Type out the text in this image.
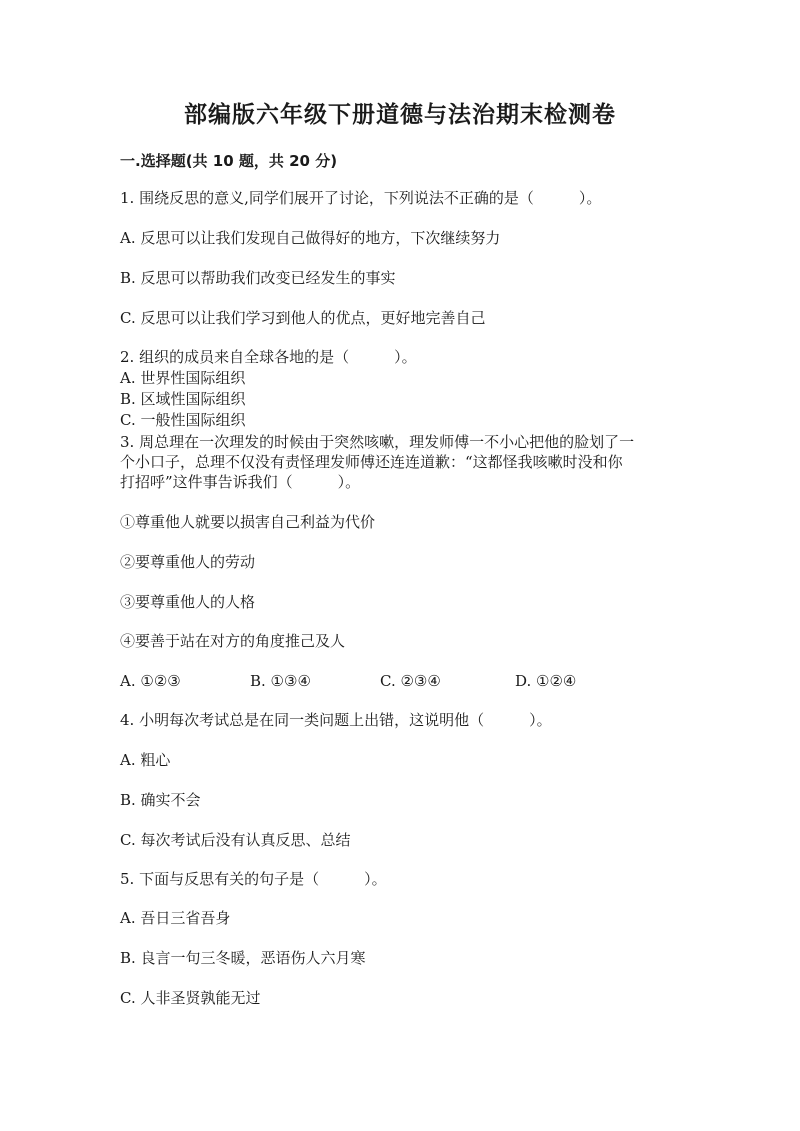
部编版六年级下册道德与法治期末检测卷
一.选择题(共 10 题，共 20 分)
1. 围绕反思的意义,同学们展开了讨论，下列说法不正确的是（　　　）。
A. 反思可以让我们发现自己做得好的地方，下次继续努力
B. 反思可以帮助我们改变已经发生的事实
C. 反思可以让我们学习到他人的优点，更好地完善自己
2. 组织的成员来自全球各地的是（　　　）。
A. 世界性国际组织
B. 区域性国际组织
C. 一般性国际组织
3. 周总理在一次理发的时候由于突然咳嗽，理发师傅一不小心把他的脸划了一
个小口子，总理不仅没有责怪理发师傅还连连道歉：“这都怪我咳嗽时没和你
打招呼”这件事告诉我们（　　　）。
①尊重他人就要以损害自己利益为代价
②要尊重他人的劳动
③要尊重他人的人格
④要善于站在对方的角度推己及人
A. ①②③	B. ①③④	C. ②③④	D. ①②④
4. 小明每次考试总是在同一类问题上出错，这说明他（　　　）。
A. 粗心
B. 确实不会
C. 每次考试后没有认真反思、总结
5. 下面与反思有关的句子是（　　　）。
A. 吾日三省吾身
B. 良言一句三冬暖，恶语伤人六月寒
C. 人非圣贤孰能无过
